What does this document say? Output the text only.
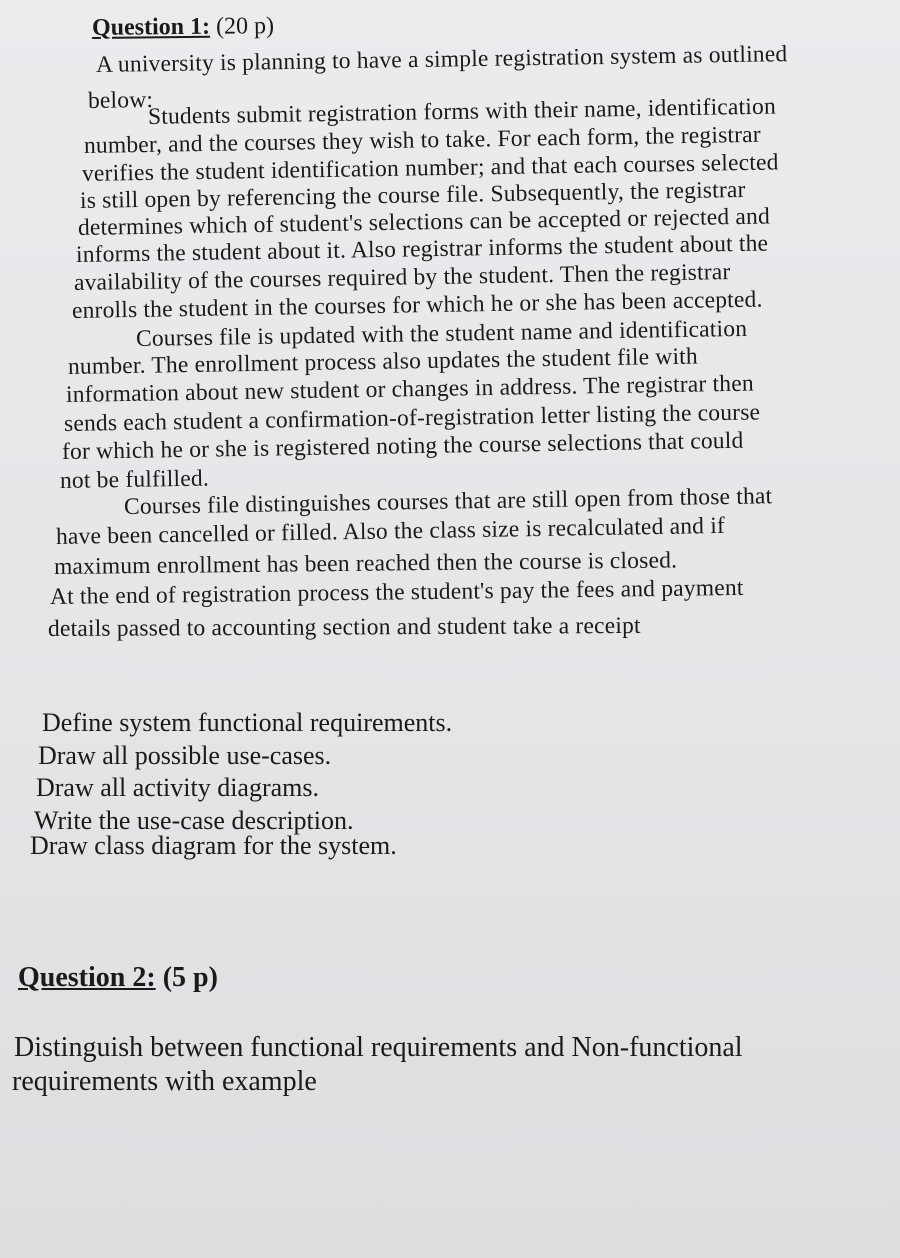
Question 1: (20 p)
A university is planning to have a simple registration system as outlined
below:
Students submit registration forms with their name, identification
number, and the courses they wish to take. For each form, the registrar
verifies the student identification number; and that each courses selected
is still open by referencing the course file. Subsequently, the registrar
determines which of student's selections can be accepted or rejected and
informs the student about it. Also registrar informs the student about the
availability of the courses required by the student. Then the registrar
enrolls the student in the courses for which he or she has been accepted.
Courses file is updated with the student name and identification
number. The enrollment process also updates the student file with
information about new student or changes in address. The registrar then
sends each student a confirmation-of-registration letter listing the course
for which he or she is registered noting the course selections that could
not be fulfilled.
Courses file distinguishes courses that are still open from those that
have been cancelled or filled. Also the class size is recalculated and if
maximum enrollment has been reached then the course is closed.
At the end of registration process the student's pay the fees and payment
details passed to accounting section and student take a receipt
Define system functional requirements.
Draw all possible use-cases.
Draw all activity diagrams.
Write the use-case description.
Draw class diagram for the system.
Question 2: (5 p)
Distinguish between functional requirements and Non-functional
requirements with example
